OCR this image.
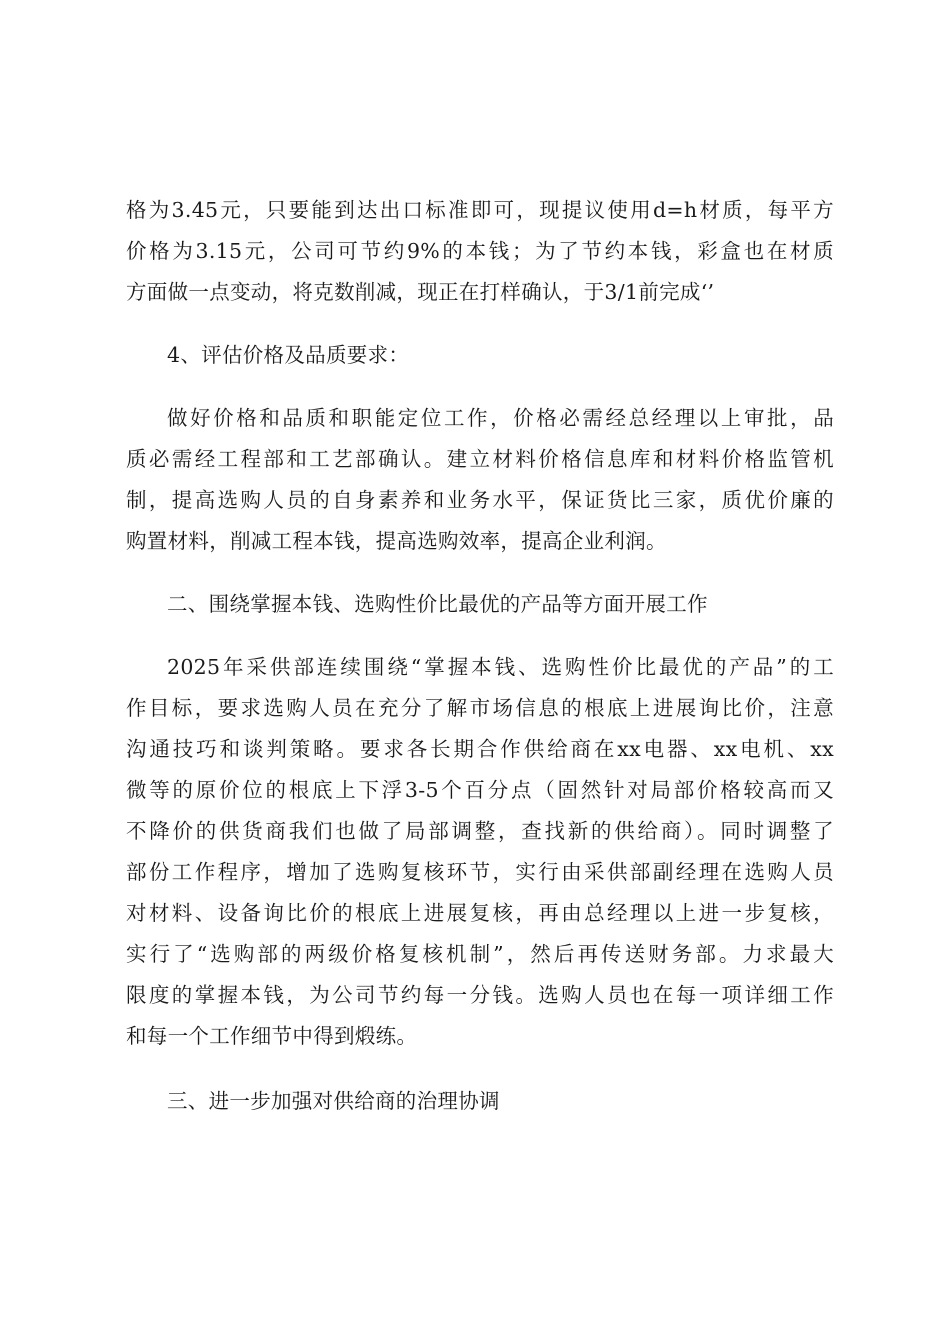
格为3.45元，只要能到达出口标准即可，现提议使用d=h材质，每平方
价格为3.15元，公司可节约9%的本钱；为了节约本钱，彩盒也在材质
方面做一点变动，将克数削减，现正在打样确认，于3/1前完成‘’

4、评估价格及品质要求：

做好价格和品质和职能定位工作，价格必需经总经理以上审批，品
质必需经工程部和工艺部确认。建立材料价格信息库和材料价格监管机
制，提高选购人员的自身素养和业务水平，保证货比三家，质优价廉的
购置材料，削减工程本钱，提高选购效率，提高企业利润。

二、围绕掌握本钱、选购性价比最优的产品等方面开展工作

2025年采供部连续围绕“掌握本钱、选购性价比最优的产品”的工
作目标，要求选购人员在充分了解市场信息的根底上进展询比价，注意
沟通技巧和谈判策略。要求各长期合作供给商在xx电器、xx电机、xx
微等的原价位的根底上下浮3-5个百分点（固然针对局部价格较高而又
不降价的供货商我们也做了局部调整，查找新的供给商）。同时调整了
部份工作程序，增加了选购复核环节，实行由采供部副经理在选购人员
对材料、设备询比价的根底上进展复核，再由总经理以上进一步复核，
实行了“选购部的两级价格复核机制”，然后再传送财务部。力求最大
限度的掌握本钱，为公司节约每一分钱。选购人员也在每一项详细工作
和每一个工作细节中得到煅练。

三、进一步加强对供给商的治理协调
